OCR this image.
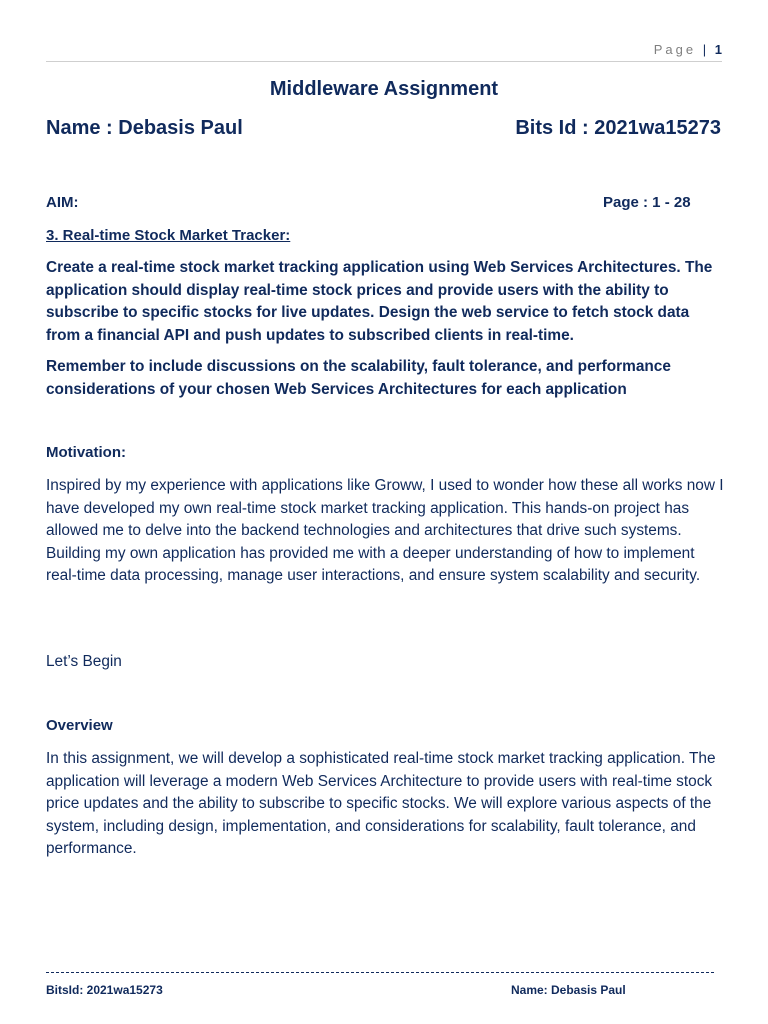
Page | 1
Middleware Assignment
Name : Debasis Paul	Bits Id : 2021wa15273
AIM:	Page : 1 - 28
3. Real-time Stock Market Tracker:

Create a real-time stock market tracking application using Web Services Architectures. The application should display real-time stock prices and provide users with the ability to subscribe to specific stocks for live updates. Design the web service to fetch stock data from a financial API and push updates to subscribed clients in real-time.

Remember to include discussions on the scalability, fault tolerance, and performance considerations of your chosen Web Services Architectures for each application

Motivation:

Inspired by my experience with applications like Groww, I used to wonder how these all works now I have developed my own real-time stock market tracking application. This hands-on project has allowed me to delve into the backend technologies and architectures that drive such systems. Building my own application has provided me with a deeper understanding of how to implement real-time data processing, manage user interactions, and ensure system scalability and security.

Let’s Begin
Overview

In this assignment, we will develop a sophisticated real-time stock market tracking application. The application will leverage a modern Web Services Architecture to provide users with real-time stock price updates and the ability to subscribe to specific stocks. We will explore various aspects of the system, including design, implementation, and considerations for scalability, fault tolerance, and performance.

BitsId: 2021wa15273	Name: Debasis Paul
